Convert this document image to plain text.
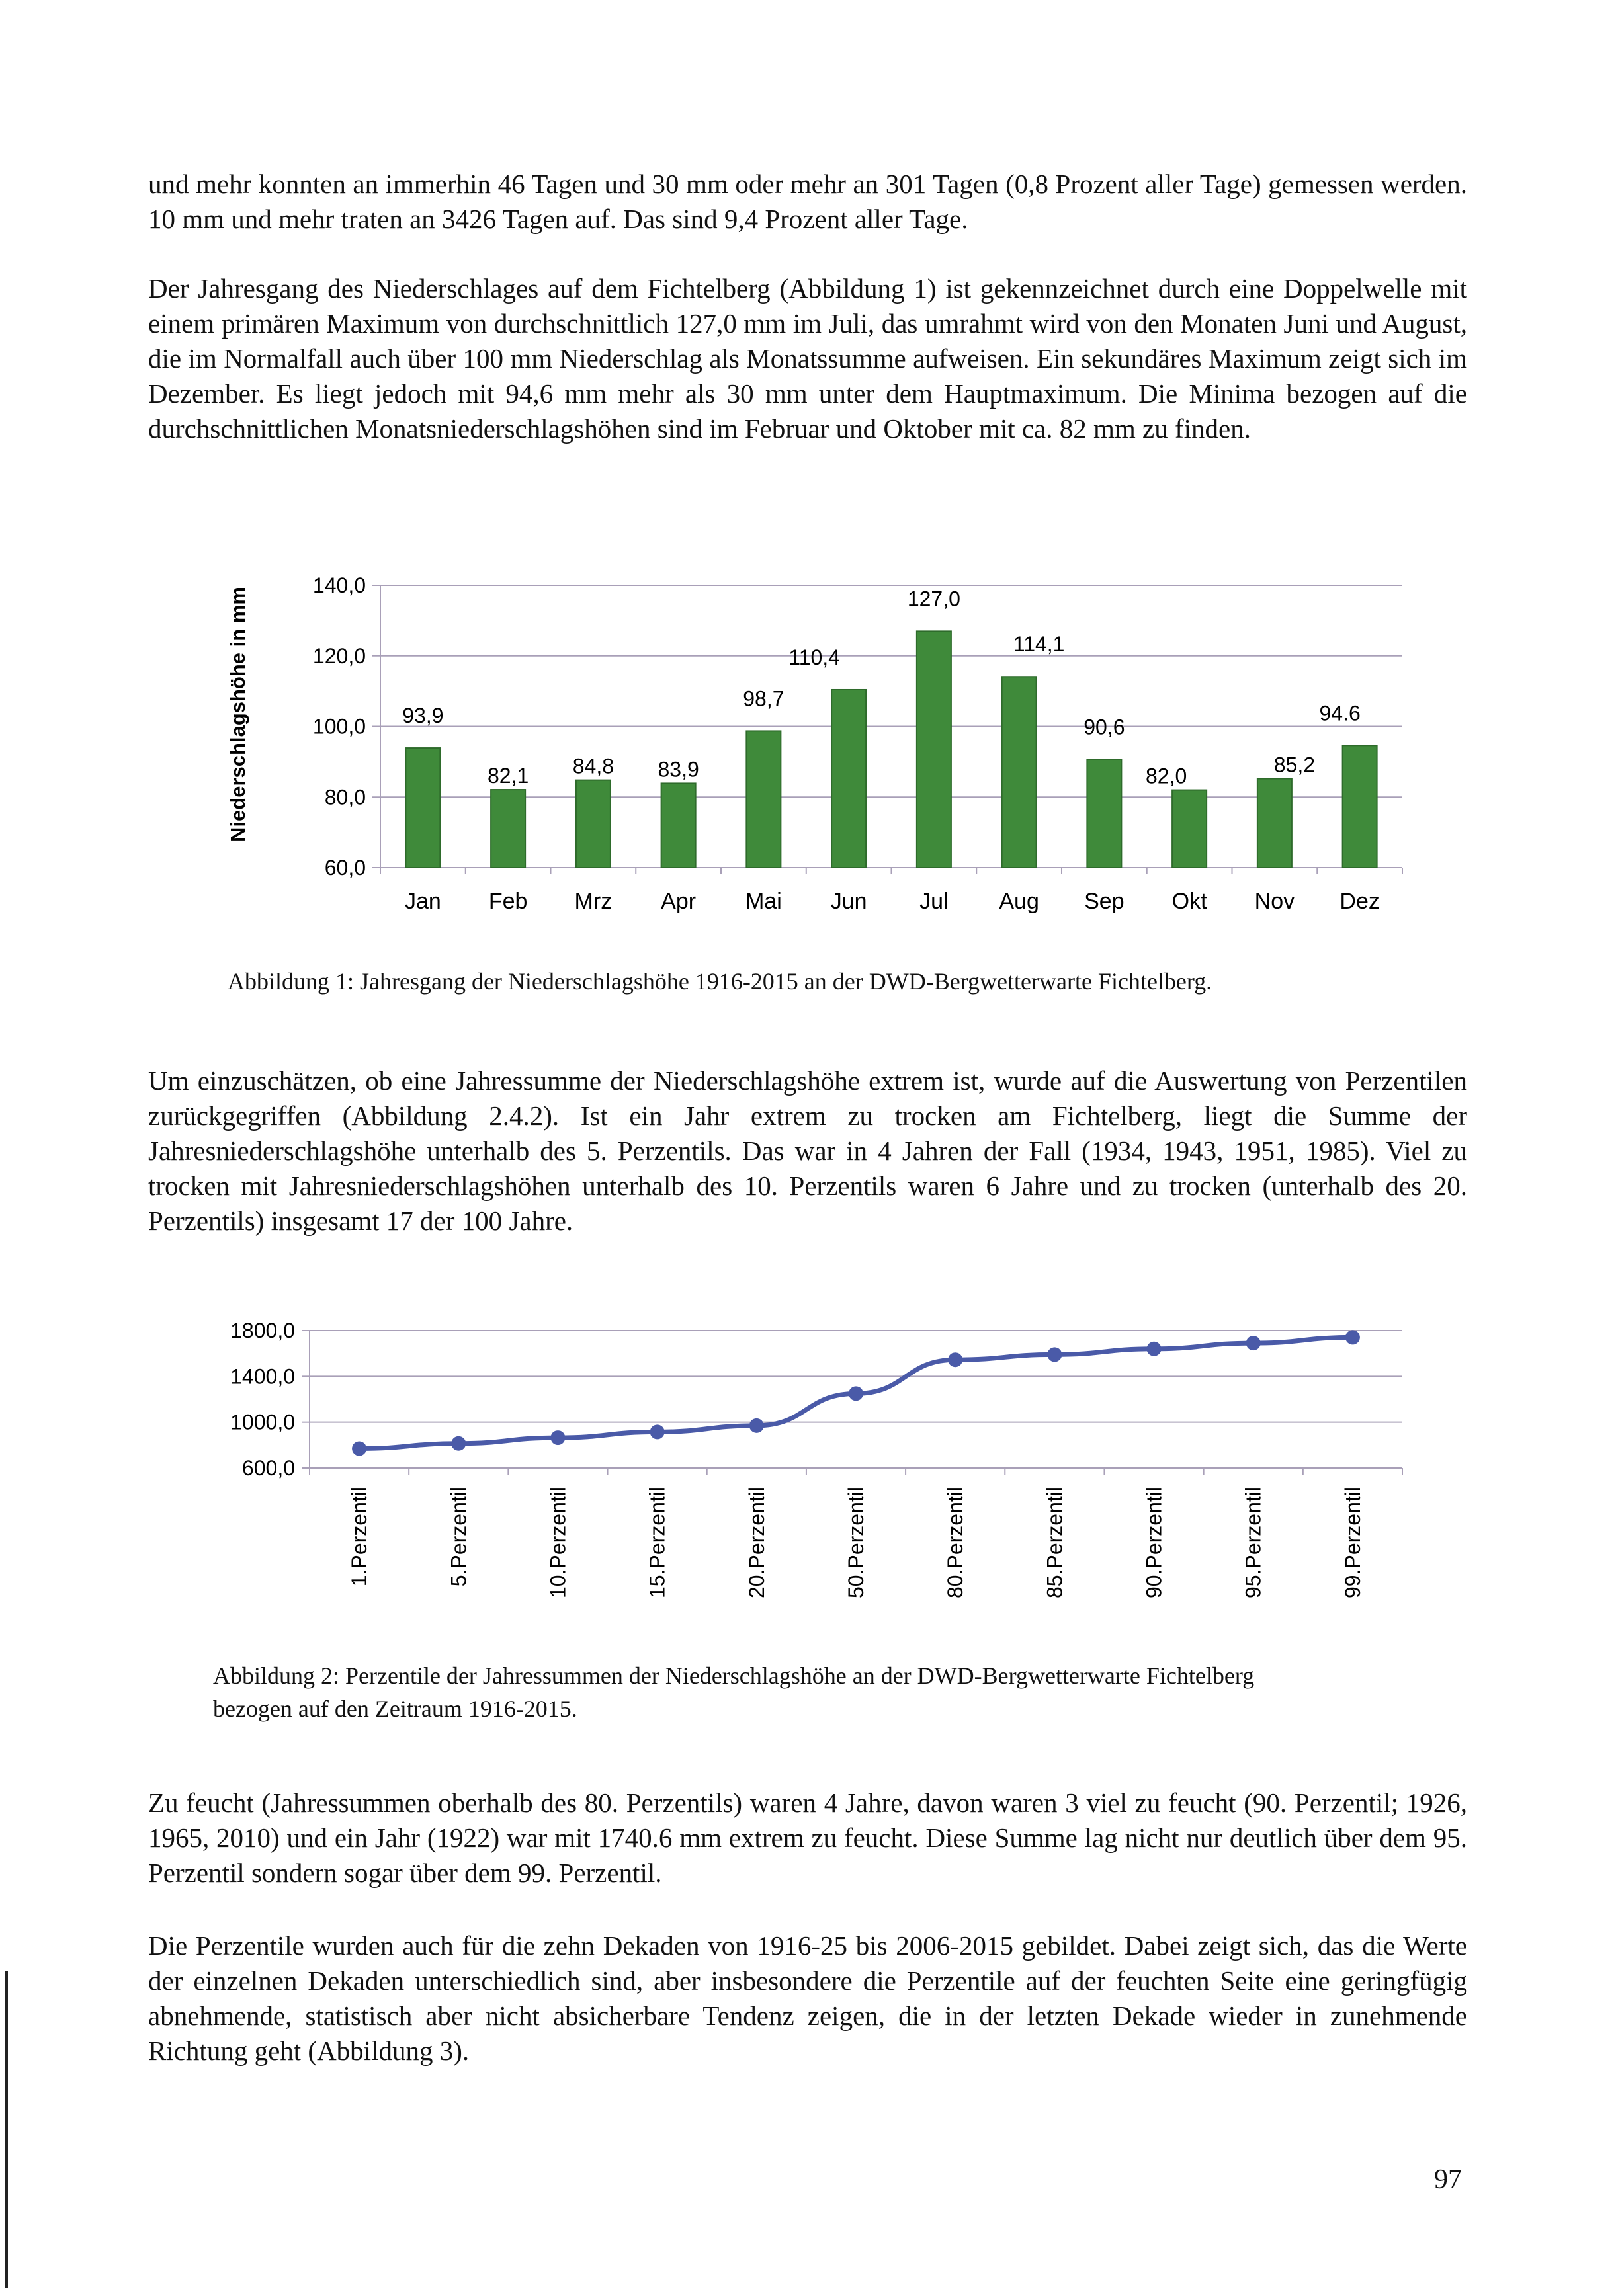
und mehr konnten an immerhin 46 Tagen und 30 mm oder mehr an 301 Tagen (0,8 Prozent aller Tage) gemessen werden. 10 mm und mehr traten an 3426 Tagen auf. Das sind 9,4 Prozent aller Tage.

Der Jahresgang des Niederschlages auf dem Fichtelberg (Abbildung 1) ist gekennzeichnet durch eine Doppelwelle mit einem primären Maximum von durchschnittlich 127,0 mm im Juli, das umrahmt wird von den Monaten Juni und August, die im Normalfall auch über 100 mm Niederschlag als Monatssumme aufweisen. Ein sekundäres Maximum zeigt sich im Dezember. Es liegt jedoch mit 94,6 mm mehr als 30 mm unter dem Hauptmaximum. Die Minima bezogen auf die durchschnittlichen Monatsniederschlagshöhen sind im Februar und Oktober mit ca. 82 mm zu finden.

Niederschlagshöhe in mm
60,0
80,0
100,0
120,0
140,0
93,9
82,1 84,8 83,9
98,7
110,4
127,0
114,1
90,6
82,0	85,2
94.6
Jan Feb Mrz Apr Mai Jun Jul Aug Sep Okt Nov Dez

Abbildung 1: Jahresgang der Niederschlagshöhe 1916-2015 an der DWD-Bergwetterwarte Fichtelberg.

Um einzuschätzen, ob eine Jahressumme der Niederschlagshöhe extrem ist, wurde auf die Auswertung von Perzentilen zurückgegriffen (Abbildung 2.4.2). Ist ein Jahr extrem zu trocken am Fichtelberg, liegt die Summe der Jahresniederschlagshöhe unterhalb des 5. Perzentils. Das war in 4 Jahren der Fall (1934, 1943, 1951, 1985). Viel zu trocken mit Jahresniederschlagshöhen unterhalb des 10. Perzentils waren 6 Jahre und zu trocken (unterhalb des 20. Perzentils) insgesamt 17 der 100 Jahre.

600,0
1000,0
1400,0
1800,0
1.Perzentil	5.Perzentil	10.Perzentil	15.Perzentil	20.Perzentil	50.Perzentil	80.Perzentil	85.Perzentil	90.Perzentil	95.Perzentil	99.Perzentil

Abbildung 2: Perzentile der Jahressummen der Niederschlagshöhe an der DWD-Bergwetterwarte Fichtelberg

bezogen auf den Zeitraum 1916-2015.

Zu feucht (Jahressummen oberhalb des 80. Perzentils) waren 4 Jahre, davon waren 3 viel zu feucht (90. Perzentil; 1926, 1965, 2010) und ein Jahr (1922) war mit 1740.6 mm extrem zu feucht. Diese Summe lag nicht nur deutlich über dem 95. Perzentil sondern sogar über dem 99. Perzentil.

Die Perzentile wurden auch für die zehn Dekaden von 1916-25 bis 2006-2015 gebildet. Dabei zeigt sich, das die Werte der einzelnen Dekaden unterschiedlich sind, aber insbesondere die Perzentile auf der feuchten Seite eine geringfügig abnehmende, statistisch aber nicht absicherbare Tendenz zeigen, die in der letzten Dekade wieder in zunehmende Richtung geht (Abbildung 3).

97
